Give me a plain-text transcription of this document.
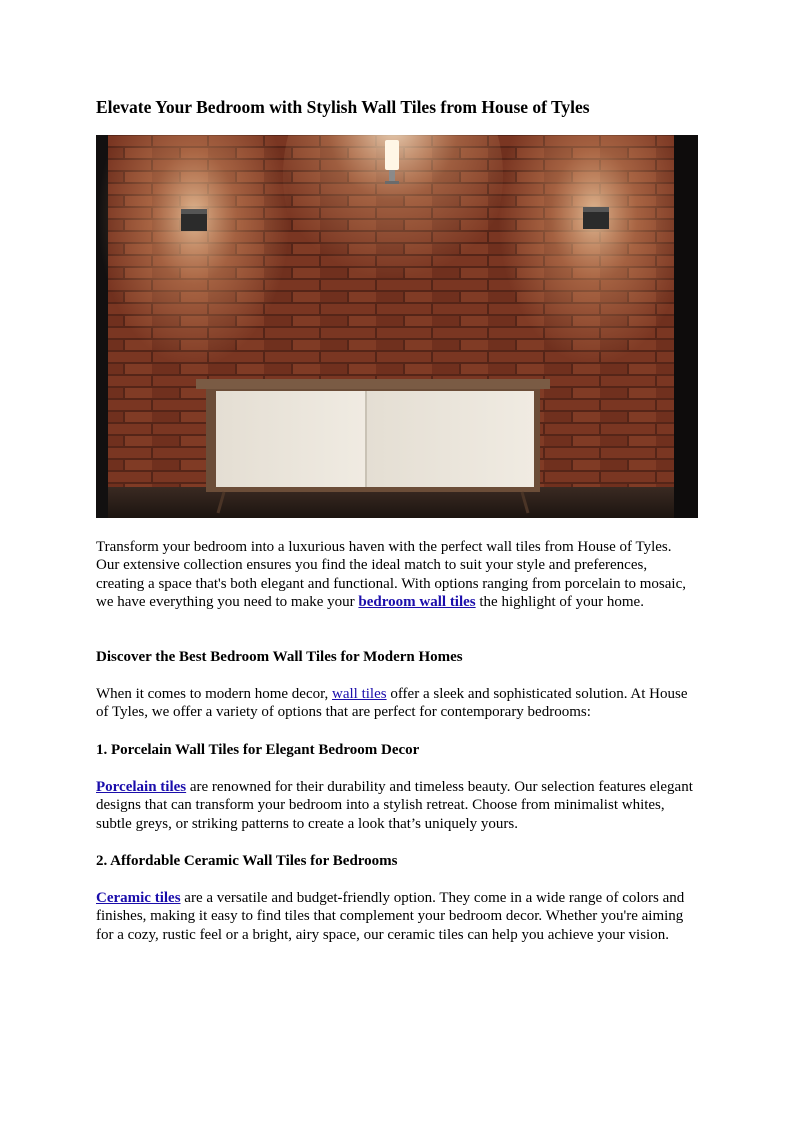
Elevate Your Bedroom with Stylish Wall Tiles from House of Tyles

Transform your bedroom into a luxurious haven with the perfect wall tiles from House of Tyles. Our extensive collection ensures you find the ideal match to suit your style and preferences, creating a space that's both elegant and functional. With options ranging from porcelain to mosaic, we have everything you need to make your bedroom wall tiles the highlight of your home.

Discover the Best Bedroom Wall Tiles for Modern Homes

When it comes to modern home decor, wall tiles offer a sleek and sophisticated solution. At House of Tyles, we offer a variety of options that are perfect for contemporary bedrooms:

1. Porcelain Wall Tiles for Elegant Bedroom Decor

Porcelain tiles are renowned for their durability and timeless beauty. Our selection features elegant designs that can transform your bedroom into a stylish retreat. Choose from minimalist whites, subtle greys, or striking patterns to create a look that’s uniquely yours.

2. Affordable Ceramic Wall Tiles for Bedrooms

Ceramic tiles are a versatile and budget-friendly option. They come in a wide range of colors and finishes, making it easy to find tiles that complement your bedroom decor. Whether you're aiming for a cozy, rustic feel or a bright, airy space, our ceramic tiles can help you achieve your vision.
